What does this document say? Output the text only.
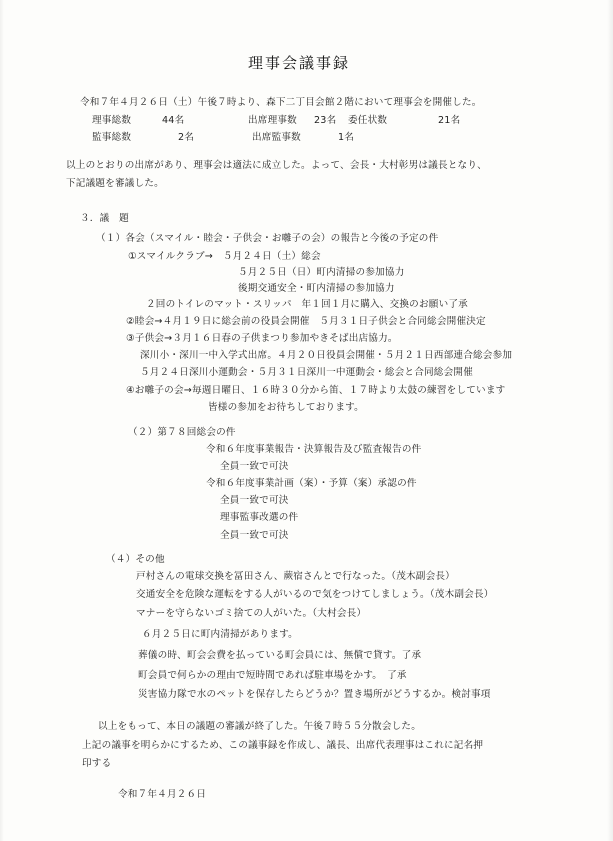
理事会議事録
令和７年４月２６日（土）午後７時より、森下二丁目会館２階において理事会を開催した。
理事総数	44名	出席理事数 23名 委任状数	21名
監事総数	2名	出席監事数	1名
以上のとおりの出席があり、理事会は適法に成立した。よって、会長・大村彰男は議長となり、
下記議題を審議した。
３．議　題
（１）各会（スマイル・睦会・子供会・お囃子の会）の報告と今後の予定の件
①スマイルクラブ→　５月２４日（土）総会
５月２５日（日）町内清掃の参加協力
後期交通安全・町内清掃の参加協力
２回のトイレのマット・スリッパ　年１回１月に購入、交換のお願い了承
②睦会→４月１９日に総会前の役員会開催　５月３１日子供会と合同総会開催決定
③子供会→３月１６日春の子供まつり参加やきそば出店協力。
深川小・深川一中入学式出席。４月２０日役員会開催・５月２１日西部連合総会参加
５月２４日深川小運動会・５月３１日深川一中運動会・総会と合同総会開催
④お囃子の会→毎週日曜日、１６時３０分から笛、１７時より太鼓の練習をしています
皆様の参加をお待ちしております。
（２）第７８回総会の件
令和６年度事業報告・決算報告及び監査報告の件
全員一致で可決
令和６年度事業計画（案）・予算（案）承認の件
全員一致で可決
理事監事改選の件
全員一致で可決
（４）その他
戸村さんの電球交換を冨田さん、蕨宿さんとで行なった。（茂木副会長）
交通安全を危険な運転をする人がいるので気をつけてしましょう。（茂木副会長）
マナーを守らないゴミ捨ての人がいた。（大村会長）
６月２５日に町内清掃があります。
葬儀の時、町会会費を払っている町会員には、無償で貸す。了承
町会員で何らかの理由で短時間であれば駐車場をかす。　了承
災害協力隊で水のペットを保存したらどうか？置き場所がどうするか。検討事項
以上をもって、本日の議題の審議が終了した。午後７時５５分散会した。
上記の議事を明らかにするため、この議事録を作成し、議長、出席代表理事はこれに記名押
印する
令和７年４月２６日
